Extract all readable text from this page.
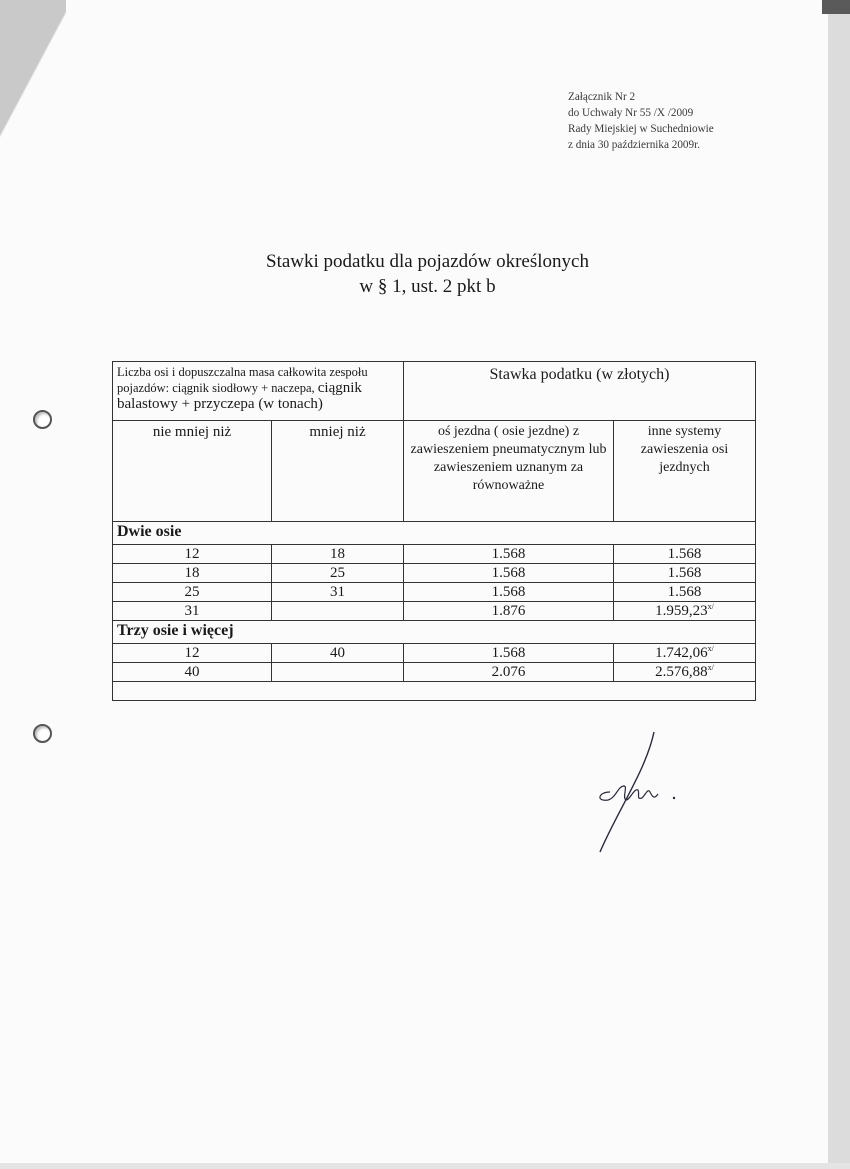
Załącznik Nr 2
do Uchwały Nr 55 /X /2009
Rady Miejskiej w Suchedniowie
z dnia 30 października 2009r.
Stawki podatku dla pojazdów określonych
w § 1, ust. 2 pkt b
Liczba osi i dopuszczalna masa całkowita zespołu pojazdów: ciągnik siodłowy + naczepa, ciągnik balastowy + przyczepa (w tonach)		Stawka podatku (w złotych)	
nie mniej niż	mniej niż	oś jezdna ( osie jezdne) z zawieszeniem pneumatycznym lub zawieszeniem uznanym za równoważne	inne systemy zawieszenia osi jezdnych
Dwie osie			
12	18	1.568	1.568
18	25	1.568	1.568
25	31	1.568	1.568
31		1.876	$1.959,23^{x/}$
Trzy osie i więcej			
12	40	1.568	$1.742,06^{x/}$
40		2.076	$2.576,88^{x/}$
